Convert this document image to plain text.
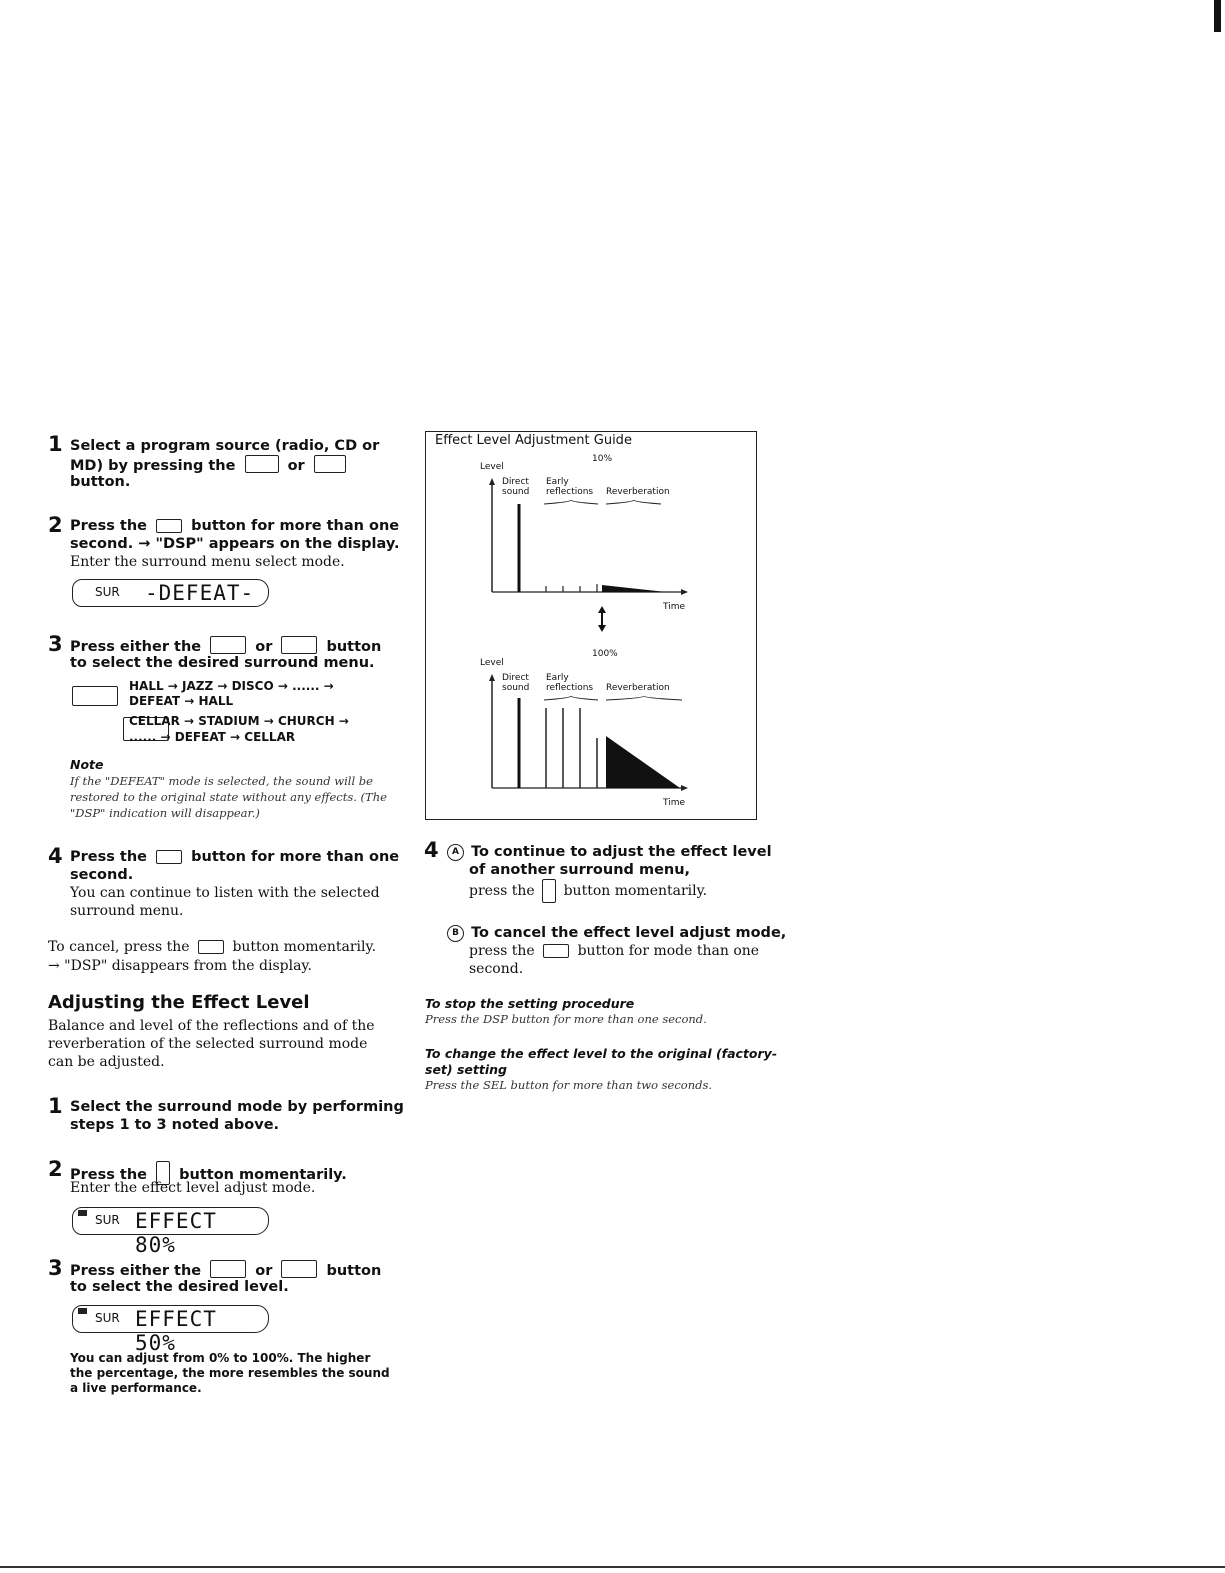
1 Select a program source (radio, CD or
MD) by pressing the	or
button.
2 Press the	button for more than one
second. → "DSP" appears on the display.
Enter the surround menu select mode.
SUR -DEFEAT-
3 Press either the	or	button
to select the desired surround menu.

HALL → JAZZ → DISCO → ...... →
DEFEAT → HALL
CELLAR → STADIUM → CHURCH →
...... → DEFEAT → CELLAR
Note
If the "DEFEAT" mode is selected, the sound will be
restored to the original state without any effects. (The
"DSP" indication will disappear.)
4 Press the	button for more than one
second.
You can continue to listen with the selected
surround menu.
To cancel, press the	button momentarily.
→ "DSP" disappears from the display.
Adjusting the Effect Level
Balance and level of the reflections and of the
reverberation of the selected surround mode
can be adjusted.
1 Select the surround mode by performing
steps 1 to 3 noted above.
2 Press the button momentarily.
Enter the effect level adjust mode.
SUR EFFECT 80%
3 Press either the	or	button
to select the desired level.
SUR EFFECT 50%
You can adjust from 0% to 100%. The higher
the percentage, the more resembles the sound
a live performance.
Effect Level Adjustment Guide
10%
Level
Direct
sound
Early
reflections Reverberation
Time
100%
Level
Direct
sound
Early
reflections Reverberation
Time
4	A To continue to adjust the effect level
of another surround menu,
press the button momentarily.
B To cancel the effect level adjust mode,
press the	button for mode than one
second.
To stop the setting procedure
Press the DSP button for more than one second.
To change the effect level to the original (factory-
set) setting
Press the SEL button for more than two seconds.
